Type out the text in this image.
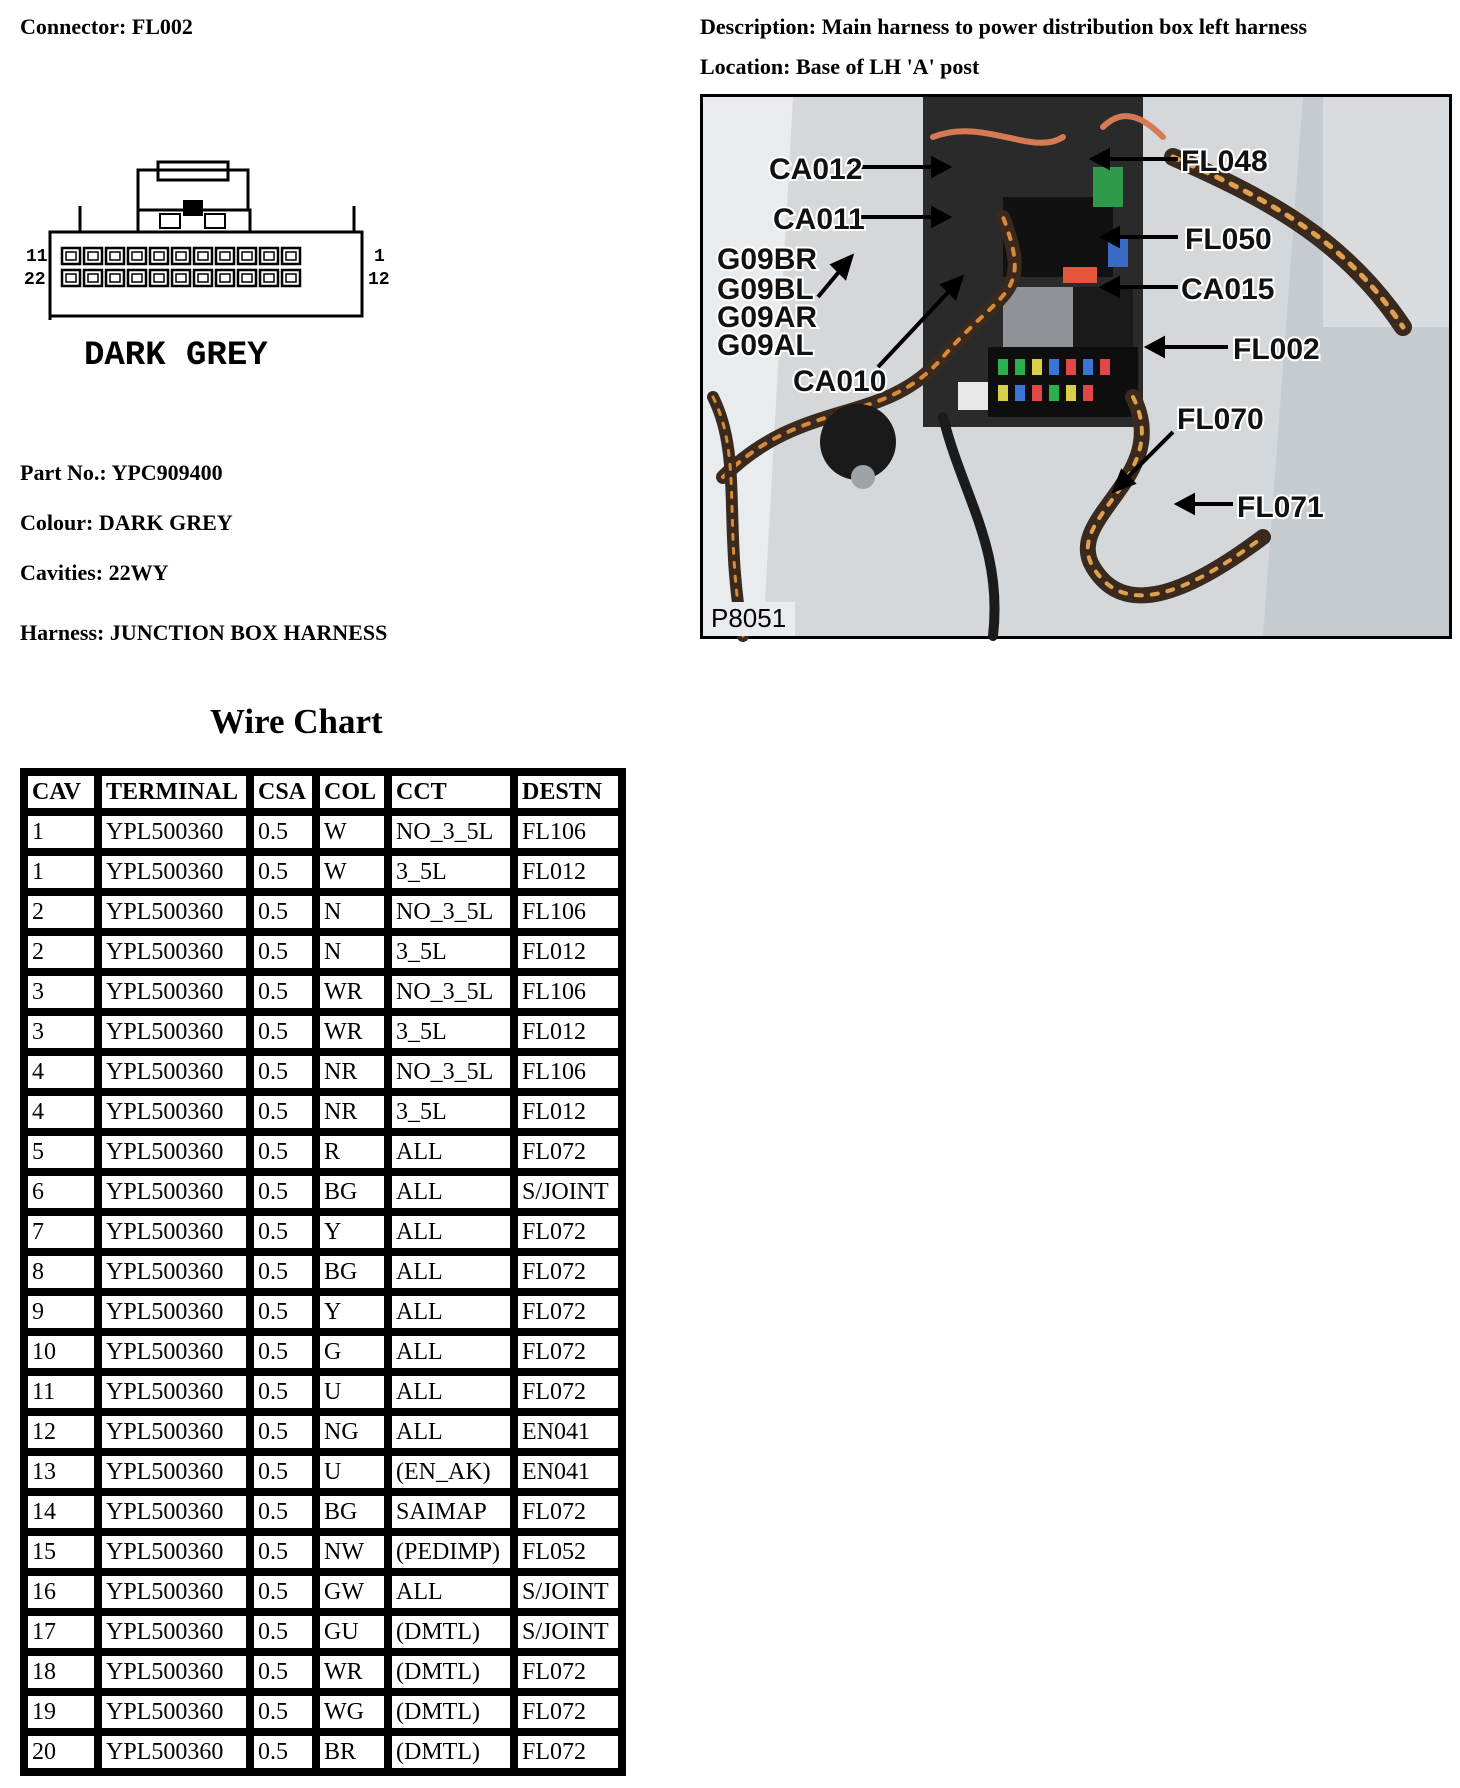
Connector: FL002	Description: Main harness to power distribution box left harness
Location: Base of LH 'A' post
11
22
1
12
DARK GREY
Part No.: YPC909400
Colour: DARK GREY
Cavities: 22WY
Harness: JUNCTION BOX HARNESS
CA012
CA011
G09BR
G09BL
G09AR
G09AL
CA010
FL048
FL050
CA015
FL002
FL070
FL071
P8051
Wire Chart
CAV	TERMINAL	CSA	COL	CCT	DESTN
1	YPL500360	0.5	W	NO_3_5L	FL106
1	YPL500360	0.5	W	3_5L	FL012
2	YPL500360	0.5	N	NO_3_5L	FL106
2	YPL500360	0.5	N	3_5L	FL012
3	YPL500360	0.5	WR	NO_3_5L	FL106
3	YPL500360	0.5	WR	3_5L	FL012
4	YPL500360	0.5	NR	NO_3_5L	FL106
4	YPL500360	0.5	NR	3_5L	FL012
5	YPL500360	0.5	R	ALL	FL072
6	YPL500360	0.5	BG	ALL	S/JOINT
7	YPL500360	0.5	Y	ALL	FL072
8	YPL500360	0.5	BG	ALL	FL072
9	YPL500360	0.5	Y	ALL	FL072
10	YPL500360	0.5	G	ALL	FL072
11	YPL500360	0.5	U	ALL	FL072
12	YPL500360	0.5	NG	ALL	EN041
13	YPL500360	0.5	U	(EN_AK)	EN041
14	YPL500360	0.5	BG	SAIMAP	FL072
15	YPL500360	0.5	NW	(PEDIMP)	FL052
16	YPL500360	0.5	GW	ALL	S/JOINT
17	YPL500360	0.5	GU	(DMTL)	S/JOINT
18	YPL500360	0.5	WR	(DMTL)	FL072
19	YPL500360	0.5	WG	(DMTL)	FL072
20	YPL500360	0.5	BR	(DMTL)	FL072
